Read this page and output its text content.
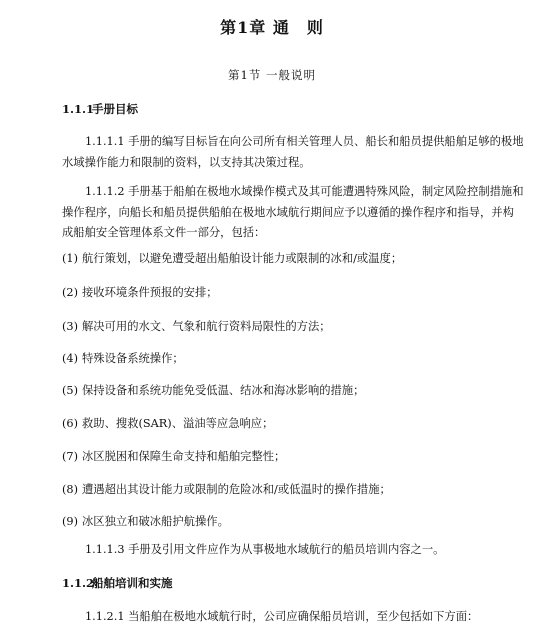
第1章 通　则
第1节 一般说明
1.1.1手册目标
1.1.1.1 手册的编写目标旨在向公司所有相关管理人员、船长和船员提供船舶足够的极地
水域操作能力和限制的资料，以支持其决策过程。
1.1.1.2 手册基于船舶在极地水域操作模式及其可能遭遇特殊风险，制定风险控制措施和
操作程序，向船长和船员提供船舶在极地水域航行期间应予以遵循的操作程序和指导，并构
成船舶安全管理体系文件一部分，包括：
(1) 航行策划，以避免遭受超出船舶设计能力或限制的冰和/或温度；
(2) 接收环境条件预报的安排；
(3) 解决可用的水文、气象和航行资料局限性的方法；
(4) 特殊设备系统操作；
(5) 保持设备和系统功能免受低温、结冰和海冰影响的措施；
(6) 救助、搜救(SAR)、溢油等应急响应；
(7) 冰区脱困和保障生命支持和船舶完整性；
(8) 遭遇超出其设计能力或限制的危险冰和/或低温时的操作措施；
(9) 冰区独立和破冰船护航操作。
1.1.1.3 手册及引用文件应作为从事极地水域航行的船员培训内容之一。
1.1.2船舶培训和实施
1.1.2.1 当船舶在极地水域航行时，公司应确保船员培训，至少包括如下方面：
